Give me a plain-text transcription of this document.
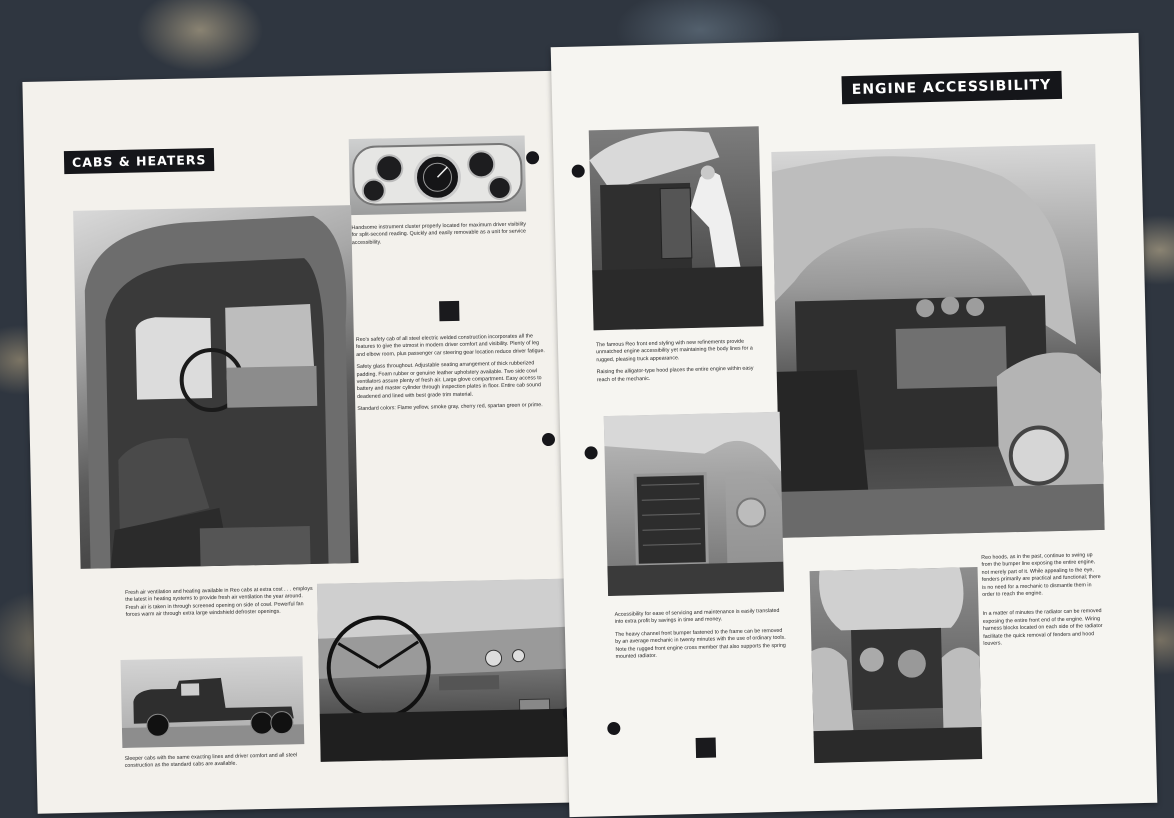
CABS & HEATERS
Handsome instrument cluster properly located for maximum driver visibility for split-second reading. Quickly and easily removable as a unit for service accessibility.

Reo's safety cab of all steel electric welded construction incorporates all the features to give the utmost in modern driver comfort and visibility. Plenty of leg and elbow room, plus passenger car steering gear location reduce driver fatigue.

Safety glass throughout. Adjustable seating arrangement of thick rubberized padding. Foam rubber or genuine leather upholstery available. Two side cowl ventilators assure plenty of fresh air. Large glove compartment. Easy access to battery and master cylinder through inspection plates in floor. Entire cab sound deadened and lined with best grade trim material.

Standard colors: Flame yellow, smoke gray, cherry red, spartan green or prime.

Fresh air ventilation and heating available in Reo cabs at extra cost . . . employs the latest in heating systems to provide fresh air ventilation the year around. Fresh air is taken in through screened opening on side of cowl. Powerful fan forces warm air through extra large windshield defroster openings.
Sleeper cabs with the same exacting lines and driver comfort and all steel construction as the standard cabs are available.
ENGINE ACCESSIBILITY

The famous Reo front end styling with new refinements provide unmatched engine accessibility yet maintaining the body lines for a rugged, pleasing truck appearance.

Raising the alligator-type hood places the entire engine within easy reach of the mechanic.

Accessibility for ease of servicing and maintenance is easily translated into extra profit by savings in time and money.

The heavy channel front bumper fastened to the frame can be removed by an average mechanic in twenty minutes with the use of ordinary tools. Note the rugged front engine cross member that also supports the spring mounted radiator.

Reo hoods, as in the past, continue to swing up from the bumper line exposing the entire engine, not merely part of it. While appealing to the eye, fenders primarily are practical and functional; there is no need for a mechanic to dismantle them in order to reach the engine.

In a matter of minutes the radiator can be removed exposing the entire front end of the engine. Wiring harness blocks located on each side of the radiator facilitate the quick removal of fenders and hood louvers.
